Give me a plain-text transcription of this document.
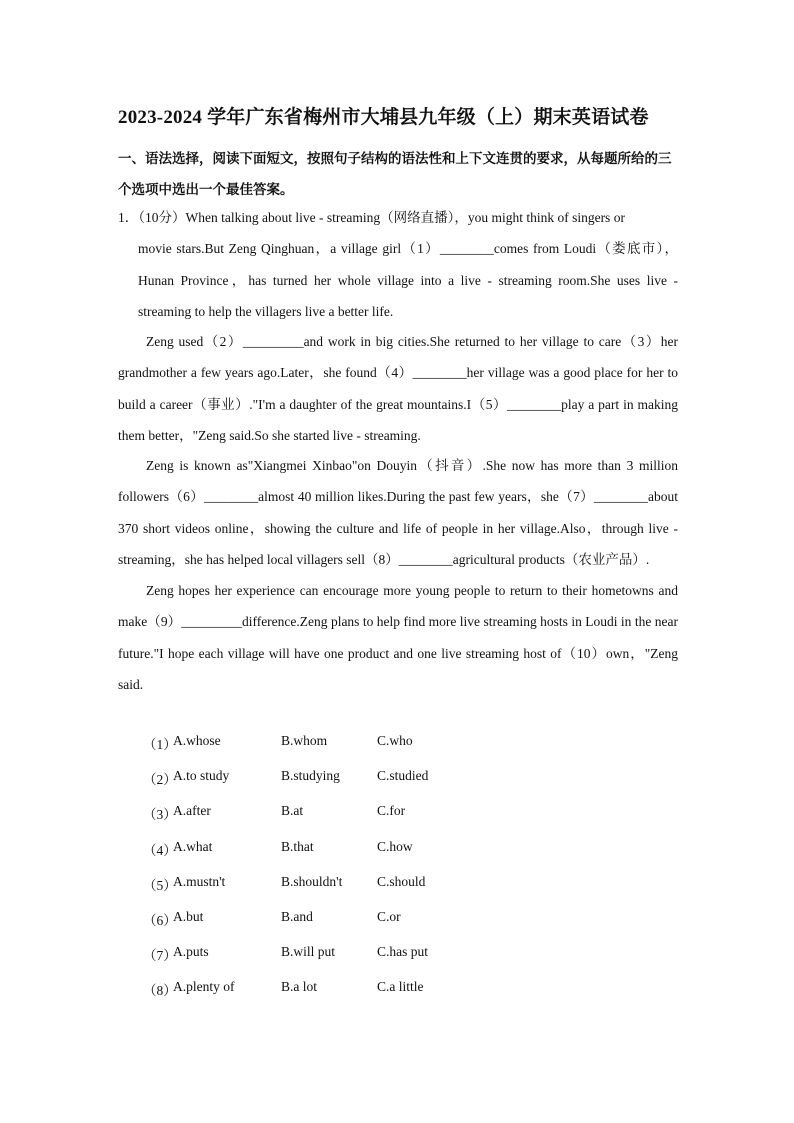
2023-2024 学年广东省梅州市大埔县九年级（上）期末英语试卷
一、语法选择，阅读下面短文，按照句子结构的语法性和上下文连贯的要求，从每题所给的三个选项中选出一个最佳答案。
1．（10分）When talking about live - streaming（网络直播），you might think of singers or
movie stars.But Zeng Qinghuan，a village girl（1）________comes from Loudi（娄底市），Hunan Province，has turned her whole village into a live - streaming room.She uses live - streaming to help the villagers live a better life.
Zeng used（2）_________and work in big cities.She returned to her village to care（3）her grandmother a few years ago.Later，she found（4）________her village was a good place for her to build a career（事业）."I'm a daughter of the great mountains.I（5）________play a part in making them better，"Zeng said.So she started live - streaming.
Zeng is known as"Xiangmei Xinbao"on Douyin（抖音）.She now has more than 3 million followers（6）________almost 40 million likes.During the past few years，she（7）________about 370 short videos online，showing the culture and life of people in her village.Also，through live - streaming，she has helped local villagers sell（8）________agricultural products（农业产品）.
Zeng hopes her experience can encourage more young people to return to their hometowns and make（9）_________difference.Zeng plans to help find more live streaming hosts in Loudi in the near future."I hope each village will have one product and one live streaming host of（10）own，"Zeng said.
（1）
A.whose	B.whom	C.who
（2）
A.to study	B.studying	C.studied
（3）
A.after	B.at	C.for
（4）
A.what	B.that	C.how
（5）
A.mustn't	B.shouldn't	C.should
（6）
A.but	B.and	C.or
（7）
A.puts	B.will put	C.has put
（8）
A.plenty of	B.a lot	C.a little
